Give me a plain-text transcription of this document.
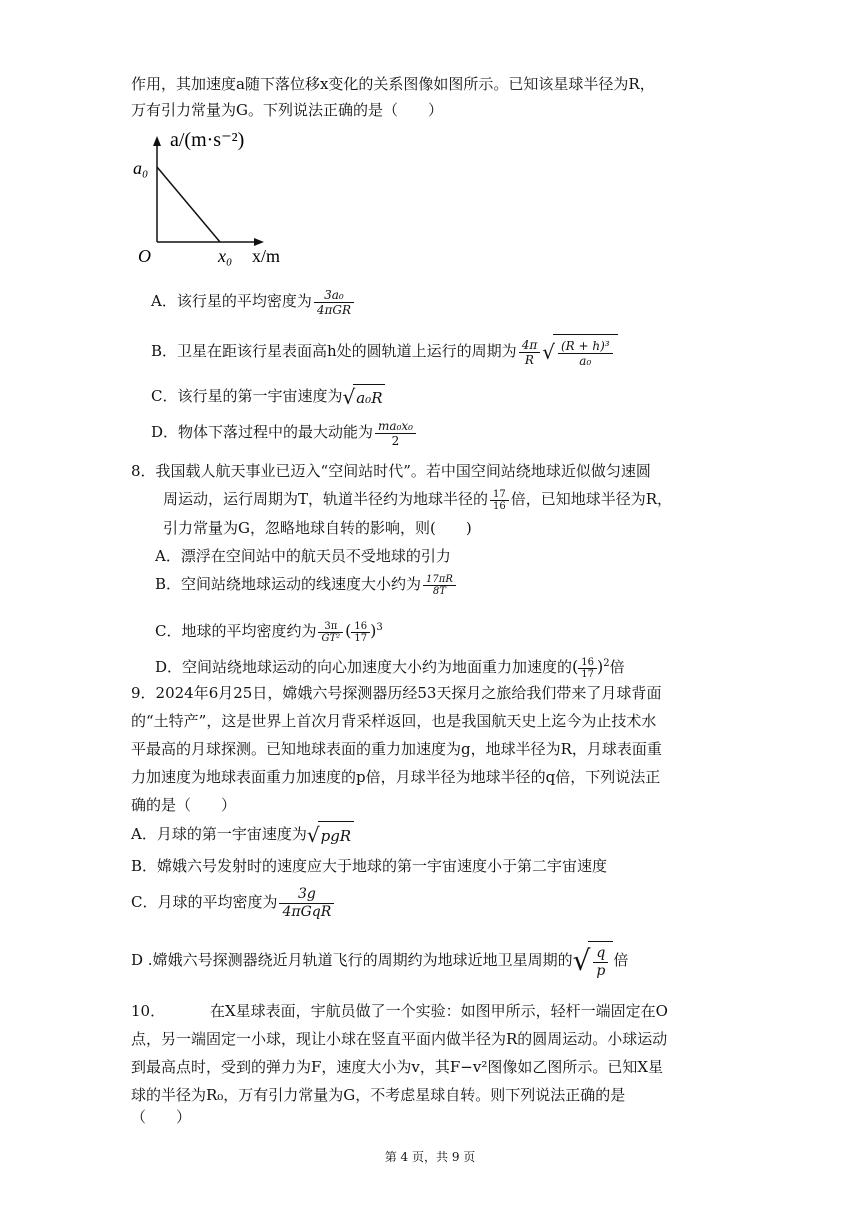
作用，其加速度a随下落位移x变化的关系图像如图所示。已知该星球半径为R，
万有引力常量为G。下列说法正确的是（　　）
a/(m·s⁻²)
a₀
O	x₀ x/m
A．该行星的平均密度为 $\frac{\text{3a₀}}{\text{4πGR}}$
B．卫星在距该行星表面高h处的圆轨道上运行的周期为 $\frac{4\pi}{R}$ √ $\frac{\text{(R + h)³}}{\text{a₀}}$
C．该行星的第一宇宙速度为√a₀R
D．物体下落过程中的最大动能为 $\frac{\text{ma₀x₀}}{2}$
8．我国载人航天事业已迈入“空间站时代”。若中国空间站绕地球近似做匀速圆
周运动，运行周期为T，轨道半径约为地球半径的 $\frac{17}{16}$ 倍，已知地球半径为R，
引力常量为G，忽略地球自转的影响，则(　　)
A．漂浮在空间站中的航天员不受地球的引力
B．空间站绕地球运动的线速度大小约为 $\frac{17\pi R}{8T}$
C．地球的平均密度约为 $\frac{3\pi}{\text{GT²}}$ ( $\frac{16}{17} )^3$
D．空间站绕地球运动的向心加速度大小约为地面重力加速度的( $\frac{16}{17} )^2$倍
9．2024年6月25日，嫦娥六号探测器历经53天探月之旅给我们带来了月球背面
的“土特产”，这是世界上首次月背采样返回，也是我国航天史上迄今为止技术水
平最高的月球探测。已知地球表面的重力加速度为g，地球半径为R，月球表面重
力加速度为地球表面重力加速度的p倍，月球半径为地球半径的q倍，下列说法正
确的是（　　）
A．月球的第一宇宙速度为√pgR
B．嫦娥六号发射时的速度应大于地球的第一宇宙速度小于第二宇宙速度
C．月球的平均密度为 $\frac{3g}{\text{4πGqR}}$
D .嫦娥六号探测器绕近月轨道飞行的周期约为地球近地卫星周期的√ $\frac{q}{p}$ 倍
10．	在X星球表面，宇航员做了一个实验：如图甲所示，轻杆一端固定在O
点，另一端固定一小球，现让小球在竖直平面内做半径为R的圆周运动。小球运动
到最高点时，受到的弹力为F，速度大小为v，其F−v²图像如乙图所示。已知X星
球的半径为R₀，万有引力常量为G，不考虑星球自转。则下列说法正确的是
（　　）
第 4 页，共 9 页
